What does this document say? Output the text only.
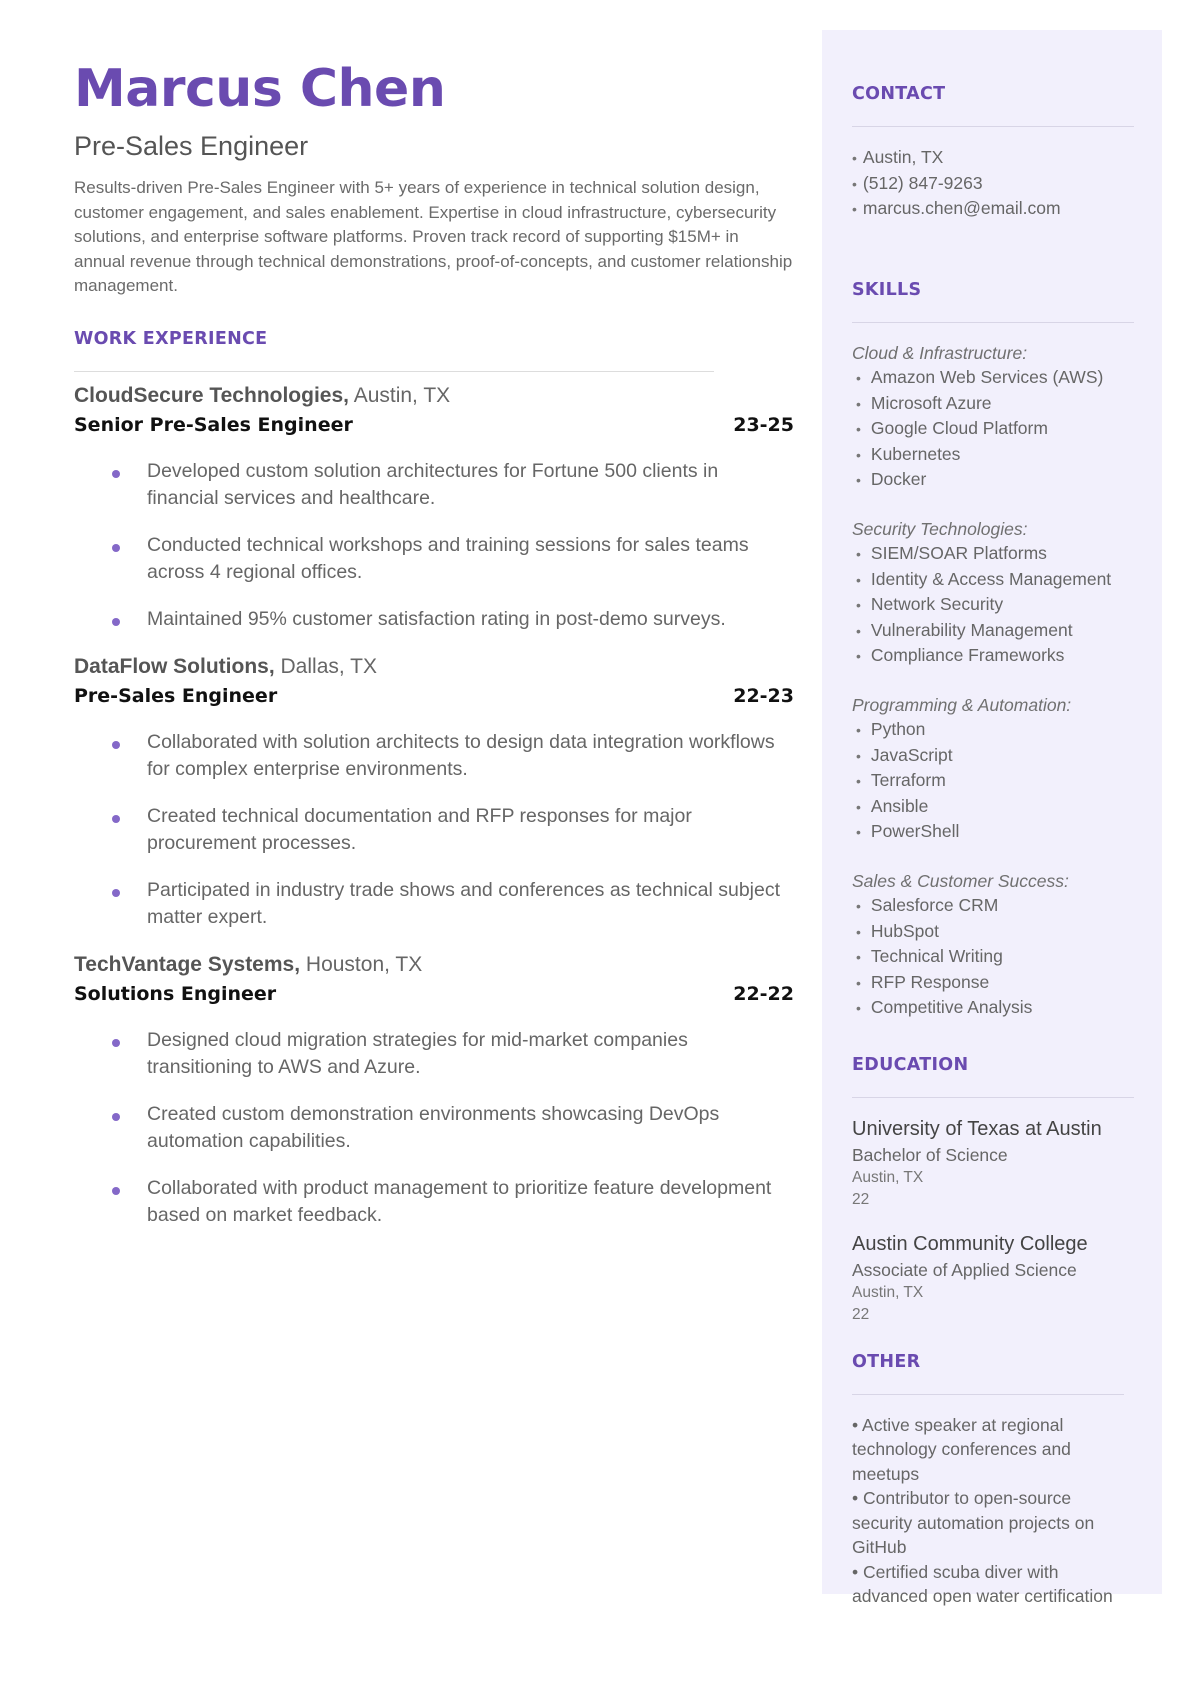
Marcus Chen
Pre-Sales Engineer
Results-driven Pre-Sales Engineer with 5+ years of experience in technical solution design, customer engagement, and sales enablement. Expertise in cloud infrastructure, cybersecurity solutions, and enterprise software platforms. Proven track record of supporting $15M+ in annual revenue through technical demonstrations, proof-of-concepts, and customer relationship management.
WORK EXPERIENCE
CloudSecure Technologies, Austin, TX
Senior Pre-Sales Engineer	23-25
Developed custom solution architectures for Fortune 500 clients in financial services and healthcare.
Conducted technical workshops and training sessions for sales teams across 4 regional offices.
Maintained 95% customer satisfaction rating in post-demo surveys.
DataFlow Solutions, Dallas, TX
Pre-Sales Engineer	22-23
Collaborated with solution architects to design data integration workflows for complex enterprise environments.
Created technical documentation and RFP responses for major procurement processes.
Participated in industry trade shows and conferences as technical subject matter expert.
TechVantage Systems, Houston, TX
Solutions Engineer	22-22
Designed cloud migration strategies for mid-market companies transitioning to AWS and Azure.
Created custom demonstration environments showcasing DevOps automation capabilities.
Collaborated with product management to prioritize feature development based on market feedback.
CONTACT
• Austin, TX
• (512) 847-9263
• marcus.chen@email.com
SKILLS
Cloud & Infrastructure:
• Amazon Web Services (AWS)
• Microsoft Azure
• Google Cloud Platform
• Kubernetes
• Docker
Security Technologies:
• SIEM/SOAR Platforms
• Identity & Access Management
• Network Security
• Vulnerability Management
• Compliance Frameworks
Programming & Automation:
• Python
• JavaScript
• Terraform
• Ansible
• PowerShell
Sales & Customer Success:
• Salesforce CRM
• HubSpot
• Technical Writing
• RFP Response
• Competitive Analysis
EDUCATION
University of Texas at Austin
Bachelor of Science
Austin, TX
22
Austin Community College
Associate of Applied Science
Austin, TX
22
OTHER
• Active speaker at regional technology conferences and meetups
• Contributor to open-source security automation projects on GitHub
• Certified scuba diver with advanced open water certification
